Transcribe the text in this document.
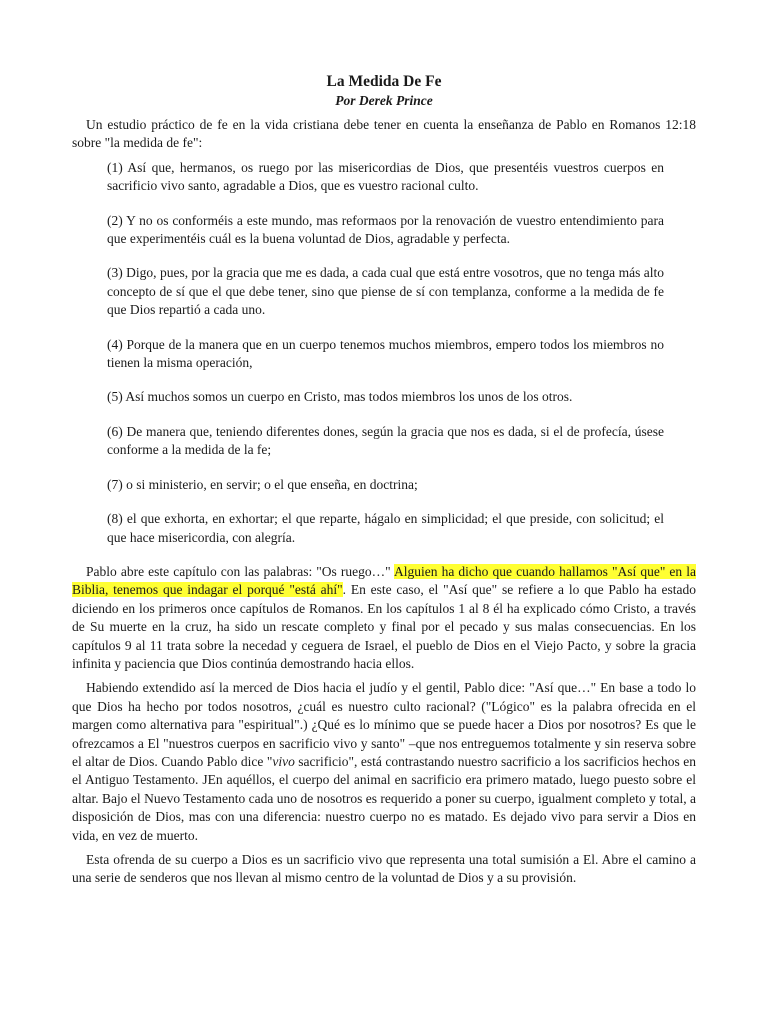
La Medida De Fe
Por Derek Prince

Un estudio práctico de fe en la vida cristiana debe tener en cuenta la enseñanza de Pablo en Romanos 12:18 sobre "la medida de fe":

(1) Así que, hermanos, os ruego por las misericordias de Dios, que presentéis vuestros cuerpos en sacrificio vivo santo, agradable a Dios, que es vuestro racional culto.

(2) Y no os conforméis a este mundo, mas reformaos por la renovación de vuestro entendimiento para que experimentéis cuál es la buena voluntad de Dios, agradable y perfecta.

(3) Digo, pues, por la gracia que me es dada, a cada cual que está entre vosotros, que no tenga más alto concepto de sí que el que debe tener, sino que piense de sí con templanza, conforme a la medida de fe que Dios repartió a cada uno.

(4) Porque de la manera que en un cuerpo tenemos muchos miembros, empero todos los miembros no tienen la misma operación,

(5) Así muchos somos un cuerpo en Cristo, mas todos miembros los unos de los otros.

(6) De manera que, teniendo diferentes dones, según la gracia que nos es dada, si el de profecía, úsese conforme a la medida de la fe;

(7) o si ministerio, en servir; o el que enseña, en doctrina;

(8) el que exhorta, en exhortar; el que reparte, hágalo en simplicidad; el que preside, con solicitud; el que hace misericordia, con alegría.

Pablo abre este capítulo con las palabras: "Os ruego…" Alguien ha dicho que cuando hallamos "Así que" en la Biblia, tenemos que indagar el porqué "está ahí". En este caso, el "Así que" se refiere a lo que Pablo ha estado diciendo en los primeros once capítulos de Romanos. En los capítulos 1 al 8 él ha explicado cómo Cristo, a través de Su muerte en la cruz, ha sido un rescate completo y final por el pecado y sus malas consecuencias. En los capítulos 9 al 11 trata sobre la necedad y ceguera de Israel, el pueblo de Dios en el Viejo Pacto, y sobre la gracia infinita y paciencia que Dios continúa demostrando hacia ellos.

Habiendo extendido así la merced de Dios hacia el judío y el gentil, Pablo dice: "Así que…" En base a todo lo que Dios ha hecho por todos nosotros, ¿cuál es nuestro culto racional? ("Lógico" es la palabra ofrecida en el margen como alternativa para "espiritual".) ¿Qué es lo mínimo que se puede hacer a Dios por nosotros? Es que le ofrezcamos a El "nuestros cuerpos en sacrificio vivo y santo" –que nos entreguemos totalmente y sin reserva sobre el altar de Dios. Cuando Pablo dice "vivo sacrificio", está contrastando nuestro sacrificio a los sacrificios hechos en el Antiguo Testamento. JEn aquéllos, el cuerpo del animal en sacrificio era primero matado, luego puesto sobre el altar. Bajo el Nuevo Testamento cada uno de nosotros es requerido a poner su cuerpo, igualment completo y total, a disposición de Dios, mas con una diferencia: nuestro cuerpo no es matado. Es dejado vivo para servir a Dios en vida, en vez de muerto.

Esta ofrenda de su cuerpo a Dios es un sacrificio vivo que representa una total sumisión a El. Abre el camino a una serie de senderos que nos llevan al mismo centro de la voluntad de Dios y a su provisión.
